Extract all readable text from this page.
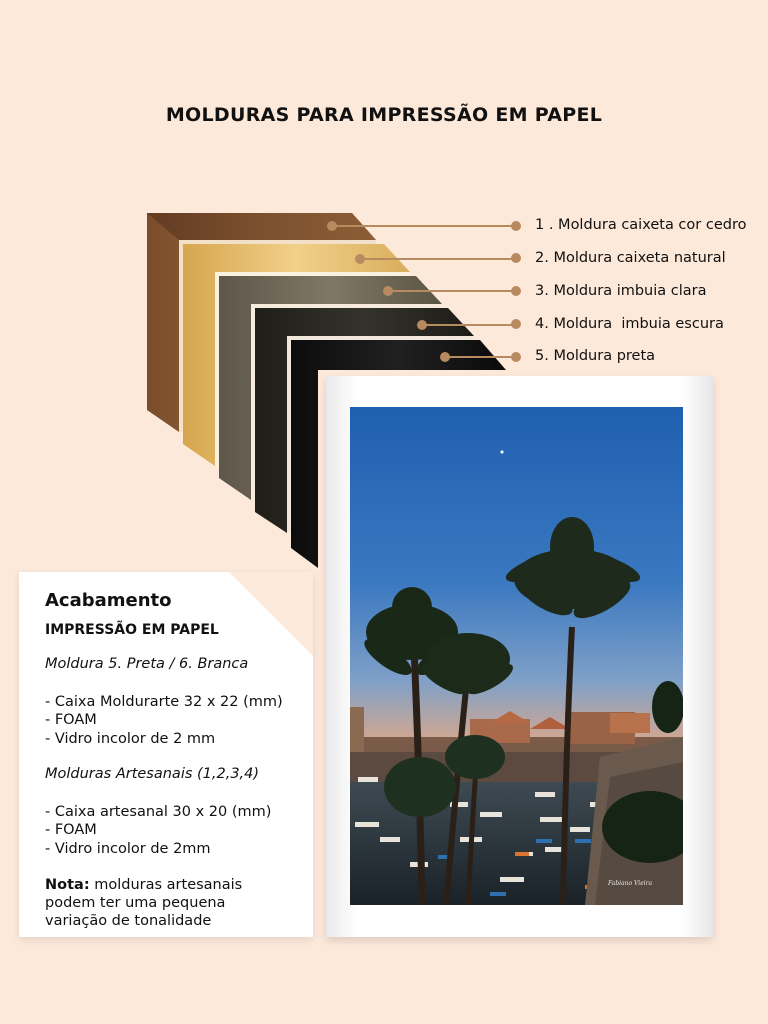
MOLDURAS PARA IMPRESSÃO EM PAPEL
1 . Moldura caixeta cor cedro
2. Moldura caixeta natural
3. Moldura imbuia clara
4. Moldura  imbuia escura
5. Moldura preta
Fabiano Vieira
Acabamento
IMPRESSÃO EM PAPEL
Moldura 5. Preta / 6. Branca
- Caixa Moldurarte 32 x 22 (mm)
- FOAM
- Vidro incolor de 2 mm
Molduras Artesanais (1,2,3,4)
- Caixa artesanal 30 x 20 (mm)
- FOAM
- Vidro incolor de 2mm
Nota: molduras artesanais
podem ter uma pequena
variação de tonalidade
